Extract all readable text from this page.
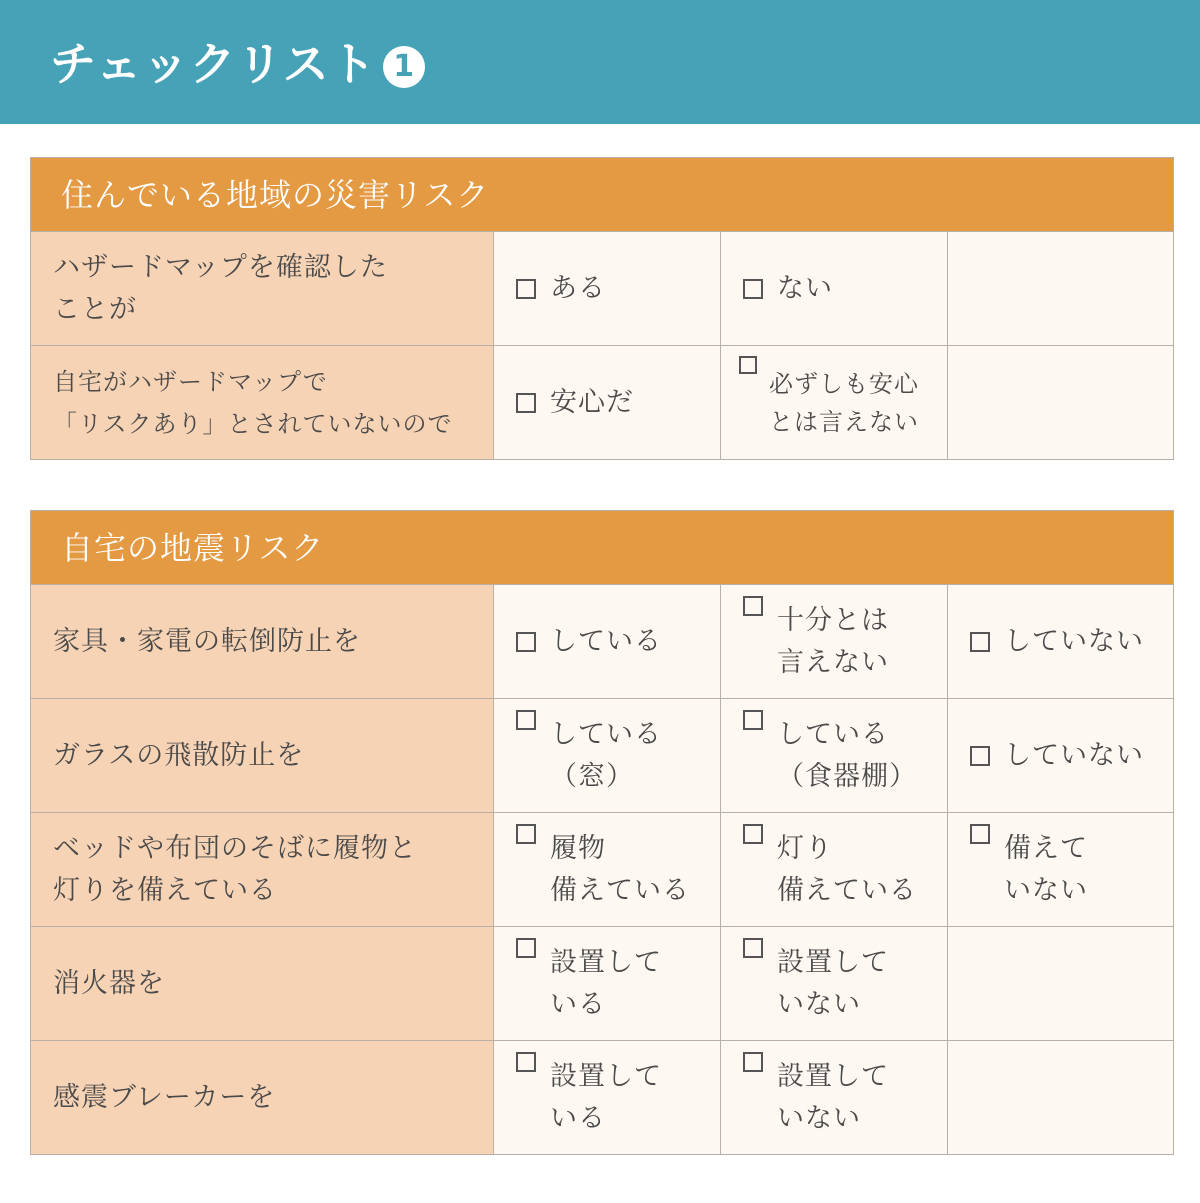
チェックリスト 1
住んでいる地域の災害リスク
ハザードマップを確認した
ことが
ある	ない
自宅がハザードマップで
「リスクあり」とされていないので
安心だ
必ずしも安心
とは言えない
自宅の地震リスク
家具・家電の転倒防止を	している
十分とは
言えない
していない
ガラスの飛散防止を
している
（窓）
している
（食器棚）
していない
ベッドや布団のそばに履物と
灯りを備えている
履物
備えている
灯り
備えている
備えて
いない
消火器を
設置して
いる
設置して
いない
感震ブレーカーを
設置して
いる
設置して
いない
